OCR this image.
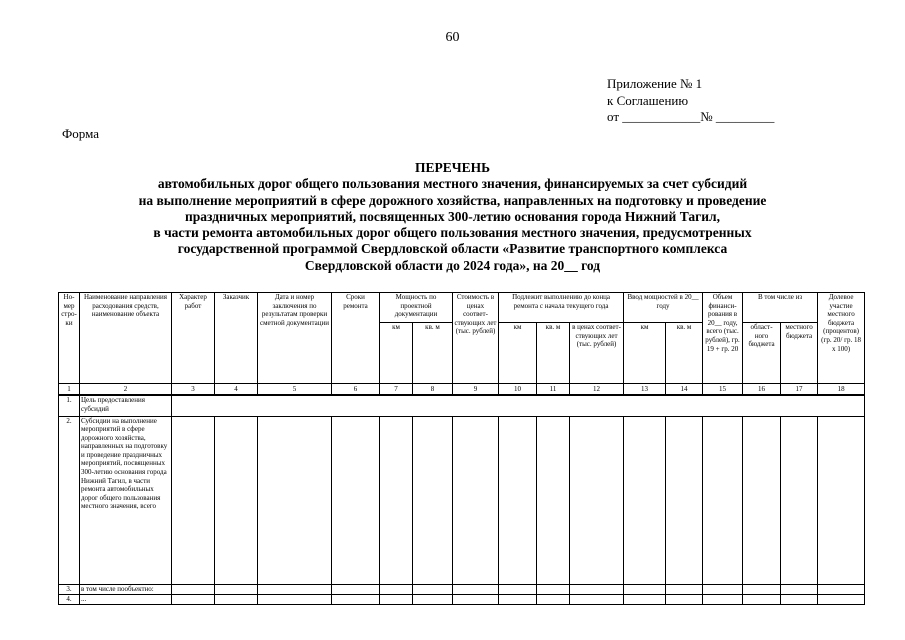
60
Приложение № 1
к Соглашению
от ____________№ _________
Форма
ПЕРЕЧЕНЬ
автомобильных дорог общего пользования местного значения, финансируемых за счет субсидий
на выполнение мероприятий в сфере дорожного хозяйства, направленных на подготовку и проведение
праздничных мероприятий, посвященных 300-летию основания города Нижний Тагил,
в части ремонта автомобильных дорог общего пользования местного значения, предусмотренных
государственной программой Свердловской области «Развитие транспортного комплекса
Свердловской области до 2024 года», на 20__ год
Но-мер стро-ки	Наименование направления расходования средств, наименование объекта	Характер работ	Заказчик	Дата и номер заключения по результатам проверки сметной документации	Сроки ремонта	Мощность по проектной документации		Стоимость в ценах соответ-ствующих лет (тыс. рублей)	Подлежит выполнению до конца ремонта с начала текущего года			Ввод мощностей в 20__ году		Объем финанси-рования в 20__ году, всего (тыс. рублей), гр. 19 + гр. 20	В том числе из		Долевое участие местного бюджета (процентов) (гр. 20/ гр. 18 х 100)
						км	кв. м		км	кв. м	в ценах соответ-ствующих лет (тыс. рублей)	км	кв. м		област-ного бюджета	местного бюджета	
1	2	3	4	5	6	7	8	9	10	11	12	13	14	15	16	17	18
1.	Цель предоставления субсидий																
2.	Субсидии на выполнение мероприятий в сфере дорожного хозяйства, направленных на подготовку и проведение праздничных мероприятий, посвященных 300-летию основания города Нижний Тагил, в части ремонта автомобильных дорог общего пользования местного значения, всего																
3.	в том числе пообъектно:																
4.	...																
